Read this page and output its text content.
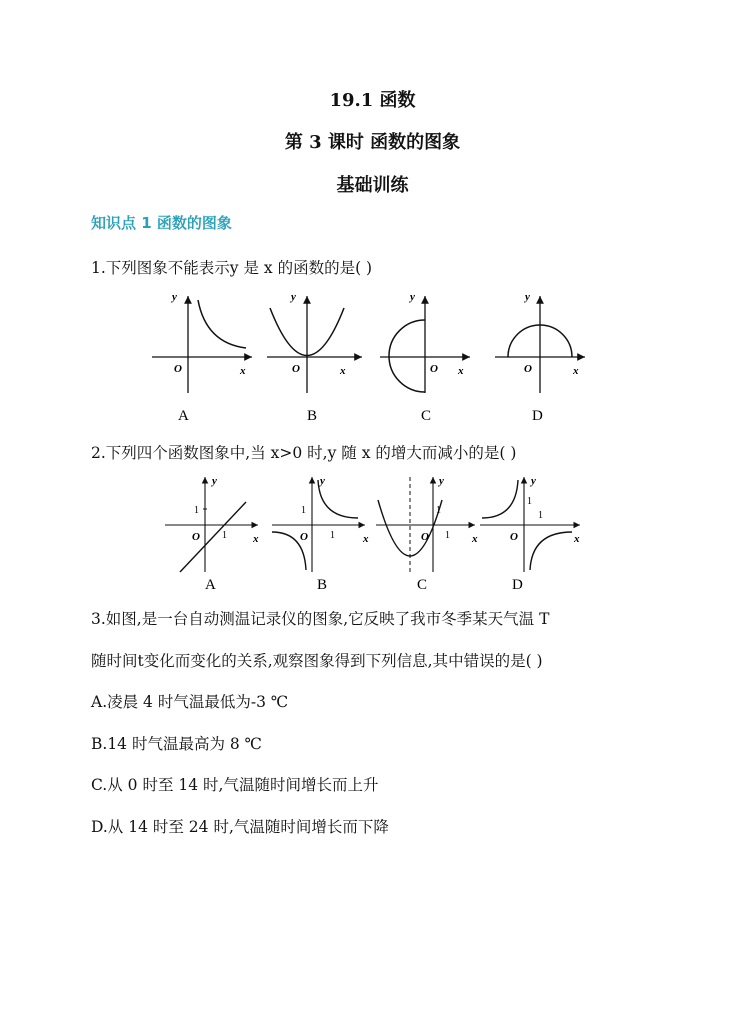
19.1 函数
第 3 课时 函数的图象
基础训练
知识点 1 函数的图象
1.下列图象不能表示y 是 x 的函数的是( )
y
x
O
A
y
x
O
B
y
x
O
C
y
x
O
D
2.下列四个函数图象中,当 x>0 时,y 随 x 的增大而减小的是( )
y
x
O
1
1
A
y
x
O
1
1
B
y
x
O
1
1
C
y
x
O
1
1
D
3.如图,是一台自动测温记录仪的图象,它反映了我市冬季某天气温 T
随时间t变化而变化的关系,观察图象得到下列信息,其中错误的是( )
A.凌晨 4 时气温最低为-3 ℃
B.14 时气温最高为 8 ℃
C.从 0 时至 14 时,气温随时间增长而上升
D.从 14 时至 24 时,气温随时间增长而下降
